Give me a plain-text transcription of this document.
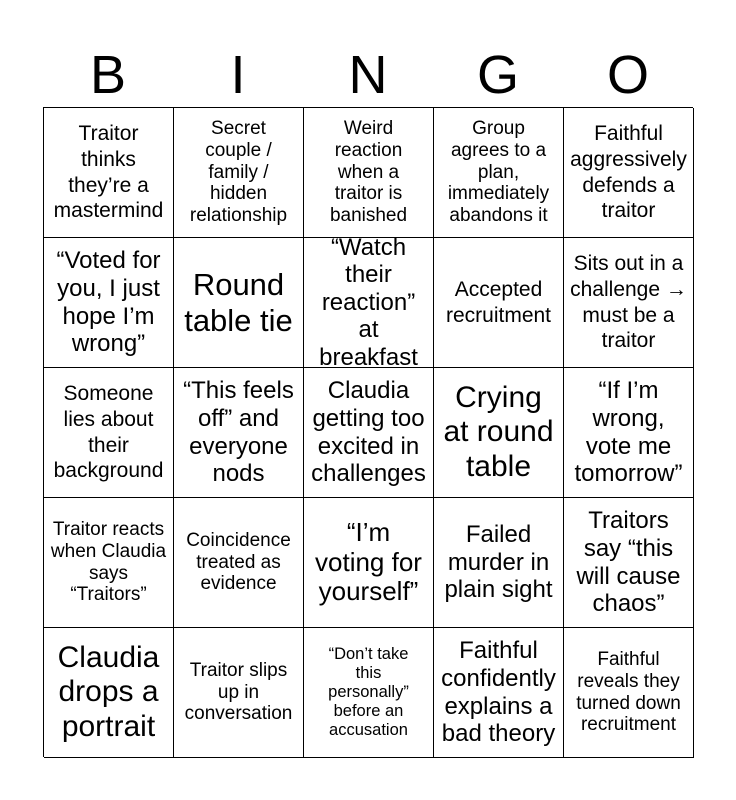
B	I	N	G	O
Traitor thinks they’re a mastermind
Secret couple / family / hidden relationship
Weird reaction when a traitor is banished
Group agrees to a plan, immediately abandons it
Faithful aggressively defends a traitor
“Voted for you, I just hope I’m wrong”
Round table tie
“Watch their reaction” at breakfast
Accepted recruitment
Sits out in a challenge → must be a traitor
Someone lies about their background
“This feels off” and everyone nods
Claudia getting too excited in challenges
Crying at round table
“If I’m wrong, vote me tomorrow”
Traitor reacts when Claudia says “Traitors”
Coincidence treated as evidence
“I’m voting for yourself”
Failed murder in plain sight
Traitors say “this will cause chaos”
Claudia drops a portrait
Traitor slips up in conversation
“Don’t take this personally” before an accusation
Faithful confidently explains a bad theory
Faithful reveals they turned down recruitment
